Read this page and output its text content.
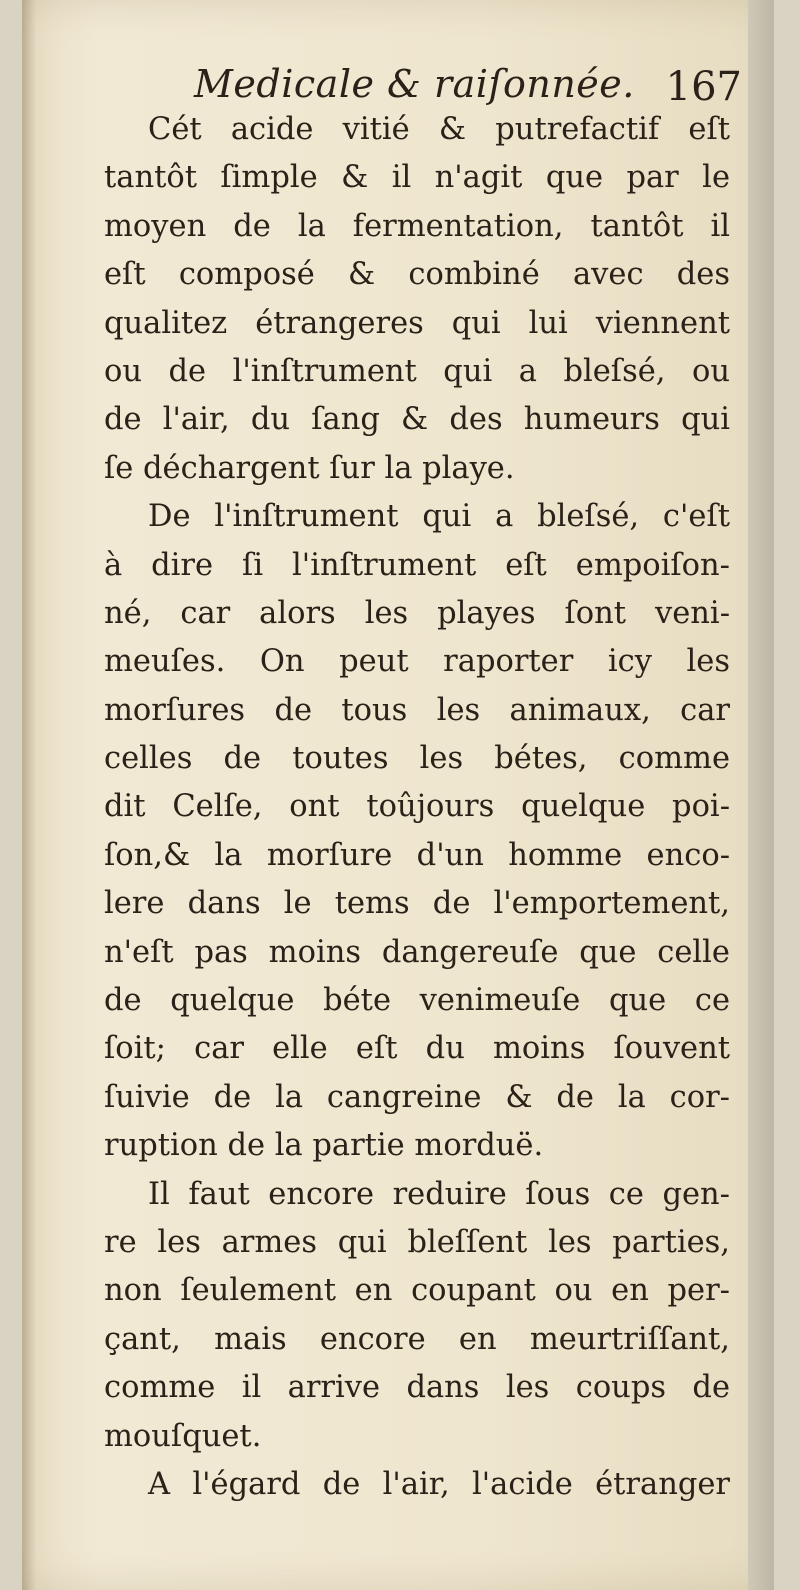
Medicale & raiſonnée. 167
Cét acide vitié & putrefactif eſt
tantôt ſimple & il n'agit que par le
moyen de la fermentation, tantôt il
eſt composé & combiné avec des
qualitez étrangeres qui lui viennent
ou de l'inſtrument qui a bleſsé, ou
de l'air, du ſang & des humeurs qui
ſe déchargent ſur la playe.
De l'inſtrument qui a bleſsé, c'eſt
à dire ſi l'inſtrument eſt empoiſon-
né, car alors les playes ſont veni-
meuſes. On peut raporter icy les
morſures de tous les animaux, car
celles de toutes les bétes, comme
dit Celſe, ont toûjours quelque poi-
ſon,& la morſure d'un homme enco-
lere dans le tems de l'emportement,
n'eſt pas moins dangereuſe que celle
de quelque béte venimeuſe que ce
ſoit; car elle eſt du moins ſouvent
ſuivie de la cangreine & de la cor-
ruption de la partie morduë.
Il faut encore reduire ſous ce gen-
re les armes qui bleſſent les parties,
non ſeulement en coupant ou en per-
çant, mais encore en meurtriſſant,
comme il arrive dans les coups de
mouſquet.
A l'égard de l'air, l'acide étranger
